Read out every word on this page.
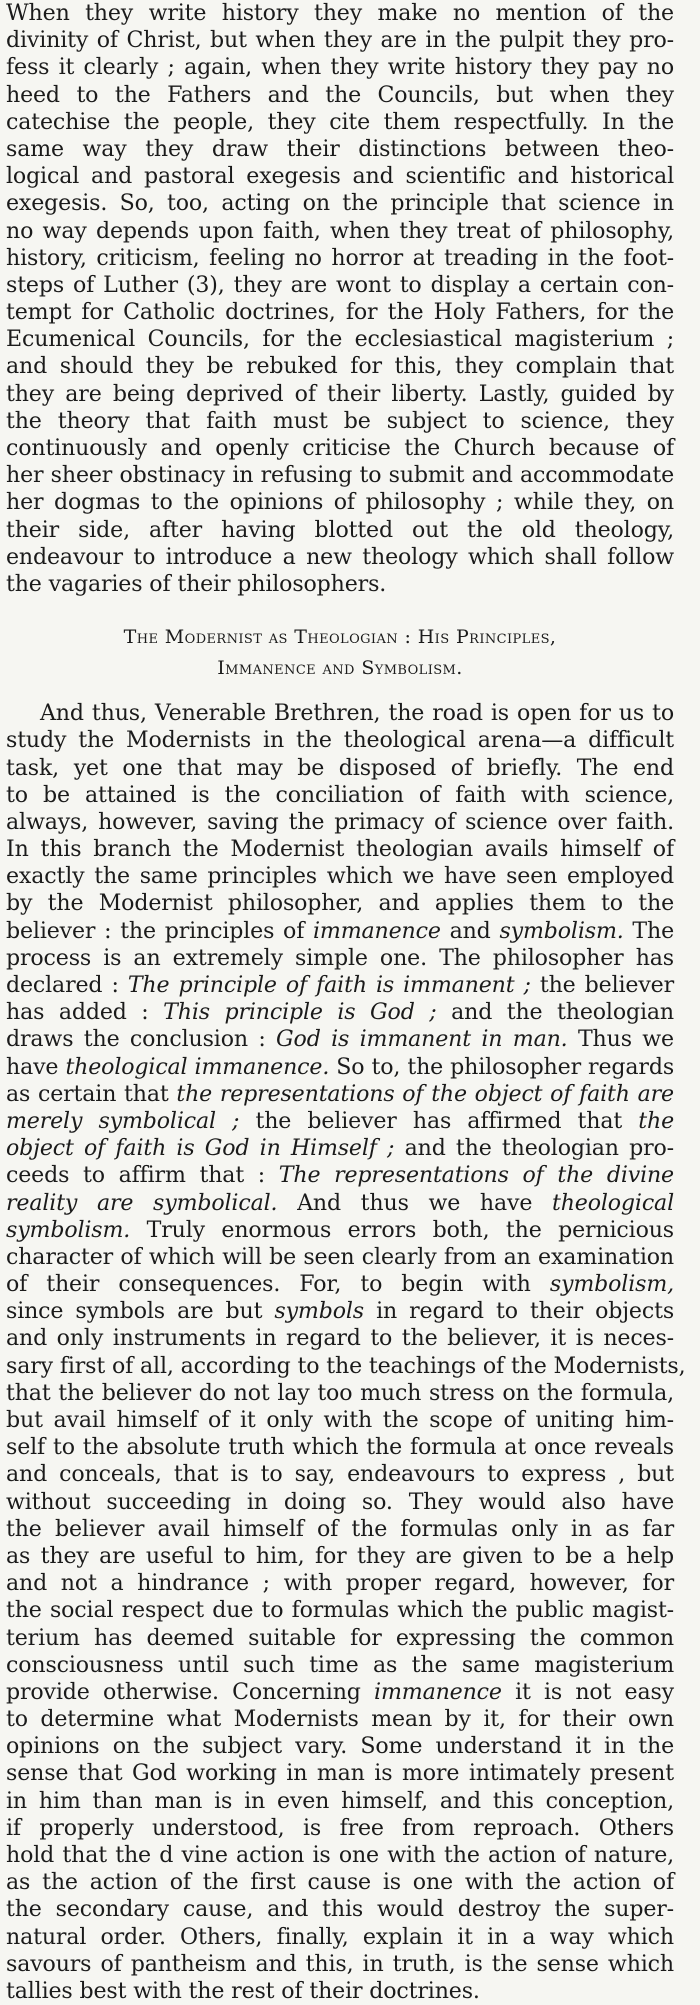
When they write history they make no mention of the
divinity of Christ, but when they are in the pulpit they pro-
fess it clearly ; again, when they write history they pay no
heed to the Fathers and the Councils, but when they
catechise the people, they cite them respectfully. In the
same way they draw their distinctions between theo-
logical and pastoral exegesis and scientific and historical
exegesis. So, too, acting on the principle that science in
no way depends upon faith, when they treat of philosophy,
history, criticism, feeling no horror at treading in the foot-
steps of Luther (3), they are wont to display a certain con-
tempt for Catholic doctrines, for the Holy Fathers, for the
Ecumenical Councils, for the ecclesiastical magisterium ;
and should they be rebuked for this, they complain that
they are being deprived of their liberty. Lastly, guided by
the theory that faith must be subject to science, they
continuously and openly criticise the Church because of
her sheer obstinacy in refusing to submit and accommodate
her dogmas to the opinions of philosophy ; while they, on
their side, after having blotted out the old theology,
endeavour to introduce a new theology which shall follow
the vagaries of their philosophers.
The Modernist as Theologian : His Principles,
Immanence and Symbolism.
And thus, Venerable Brethren, the road is open for us to
study the Modernists in the theological arena—a difficult
task, yet one that may be disposed of briefly. The end
to be attained is the conciliation of faith with science,
always, however, saving the primacy of science over faith.
In this branch the Modernist theologian avails himself of
exactly the same principles which we have seen employed
by the Modernist philosopher, and applies them to the
believer : the principles of immanence and symbolism. The
process is an extremely simple one. The philosopher has
declared : The principle of faith is immanent ; the believer
has added : This principle is God ; and the theologian
draws the conclusion : God is immanent in man. Thus we
have theological immanence. So to, the philosopher regards
as certain that the representations of the object of faith are
merely symbolical ; the believer has affirmed that the
object of faith is God in Himself ; and the theologian pro-
ceeds to affirm that : The representations of the divine
reality are symbolical. And thus we have theological
symbolism. Truly enormous errors both, the pernicious
character of which will be seen clearly from an examination
of their consequences. For, to begin with symbolism,
since symbols are but symbols in regard to their objects
and only instruments in regard to the believer, it is neces-
sary first of all, according to the teachings of the Modernists,
that the believer do not lay too much stress on the formula,
but avail himself of it only with the scope of uniting him-
self to the absolute truth which the formula at once reveals
and conceals, that is to say, endeavours to express , but
without succeeding in doing so. They would also have
the believer avail himself of the formulas only in as far
as they are useful to him, for they are given to be a help
and not a hindrance ; with proper regard, however, for
the social respect due to formulas which the public magist-
terium has deemed suitable for expressing the common
consciousness until such time as the same magisterium
provide otherwise. Concerning immanence it is not easy
to determine what Modernists mean by it, for their own
opinions on the subject vary. Some understand it in the
sense that God working in man is more intimately present
in him than man is in even himself, and this conception,
if properly understood, is free from reproach. Others
hold that the d vine action is one with the action of nature,
as the action of the first cause is one with the action of
the secondary cause, and this would destroy the super-
natural order. Others, finally, explain it in a way which
savours of pantheism and this, in truth, is the sense which
tallies best with the rest of their doctrines.
